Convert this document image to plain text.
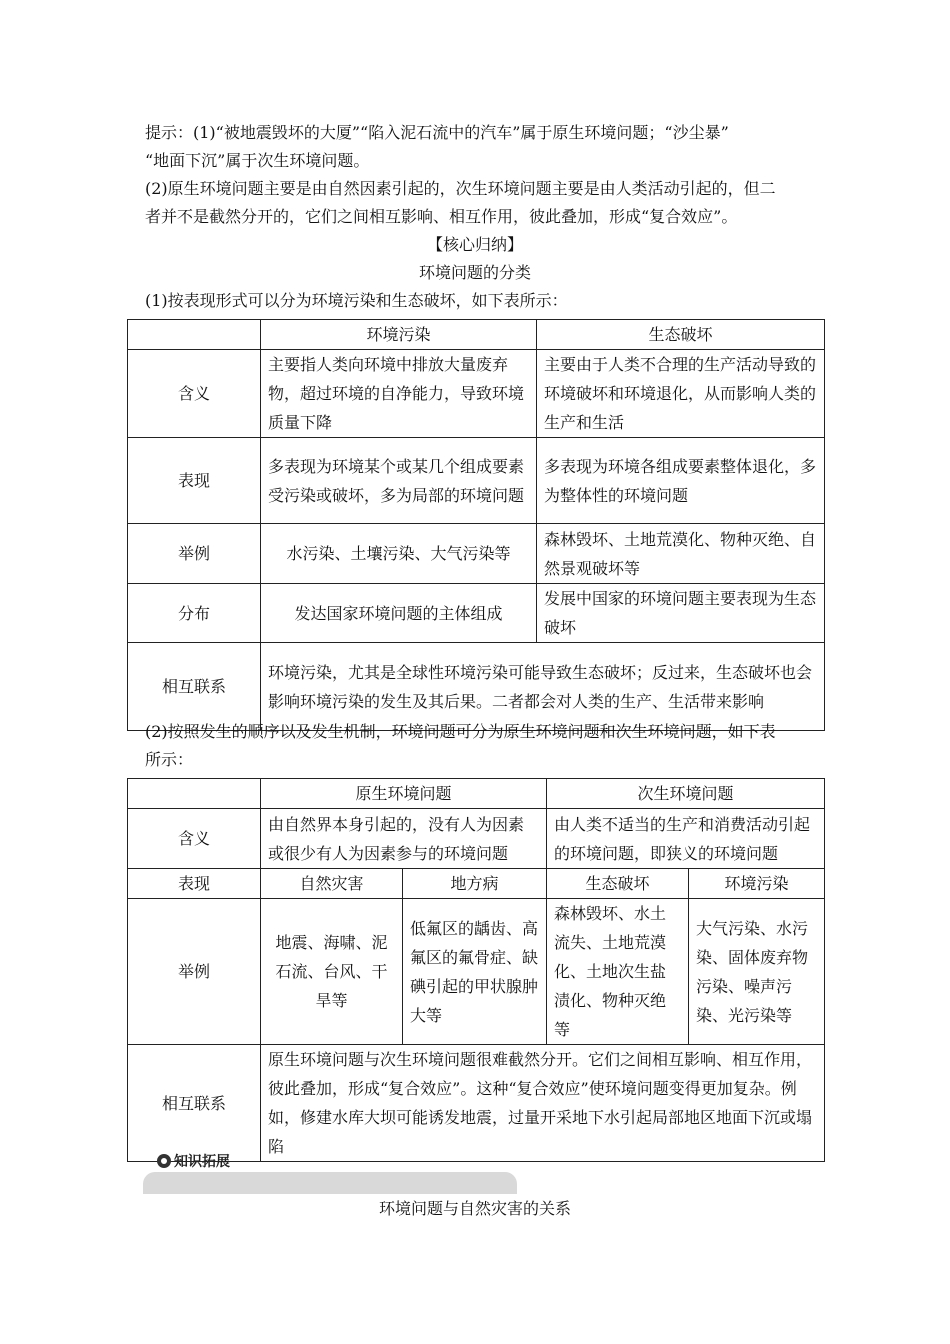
提示：(1)“被地震毁坏的大厦”“陷入泥石流中的汽车”属于原生环境问题；“沙尘暴”
“地面下沉”属于次生环境问题。
(2)原生环境问题主要是由自然因素引起的，次生环境问题主要是由人类活动引起的，但二
者并不是截然分开的，它们之间相互影响、相互作用，彼此叠加，形成“复合效应”。
【核心归纳】
环境问题的分类
(1)按表现形式可以分为环境污染和生态破坏，如下表所示：
	环境污染	生态破坏
含义	主要指人类向环境中排放大量废弃物，超过环境的自净能力，导致环境质量下降	主要由于人类不合理的生产活动导致的环境破坏和环境退化，从而影响人类的生产和生活
表现	多表现为环境某个或某几个组成要素受污染或破坏，多为局部的环境问题	多表现为环境各组成要素整体退化，多为整体性的环境问题
举例	水污染、土壤污染、大气污染等	森林毁坏、土地荒漠化、物种灭绝、自然景观破坏等
分布	发达国家环境问题的主体组成	发展中国家的环境问题主要表现为生态破坏
相互联系	环境污染，尤其是全球性环境污染可能导致生态破坏；反过来，生态破坏也会影响环境污染的发生及其后果。二者都会对人类的生产、生活带来影响	
(2)按照发生的顺序以及发生机制，环境问题可分为原生环境问题和次生环境问题，如下表
所示：
	原生环境问题		次生环境问题	
含义	由自然界本身引起的，没有人为因素或很少有人为因素参与的环境问题		由人类不适当的生产和消费活动引起的环境问题，即狭义的环境问题	
表现	自然灾害	地方病	生态破坏	环境污染
举例	地震、海啸、泥石流、台风、干旱等	低氟区的龋齿、高氟区的氟骨症、缺碘引起的甲状腺肿大等	森林毁坏、水土流失、土地荒漠化、土地次生盐渍化、物种灭绝等	大气污染、水污染、固体废弃物污染、噪声污染、光污染等
相互联系	原生环境问题与次生环境问题很难截然分开。它们之间相互影响、相互作用，彼此叠加，形成“复合效应”。这种“复合效应”使环境问题变得更加复杂。例如，修建水库大坝可能诱发地震，过量开采地下水引起局部地区地面下沉或塌陷			
知识拓展
环境问题与自然灾害的关系
